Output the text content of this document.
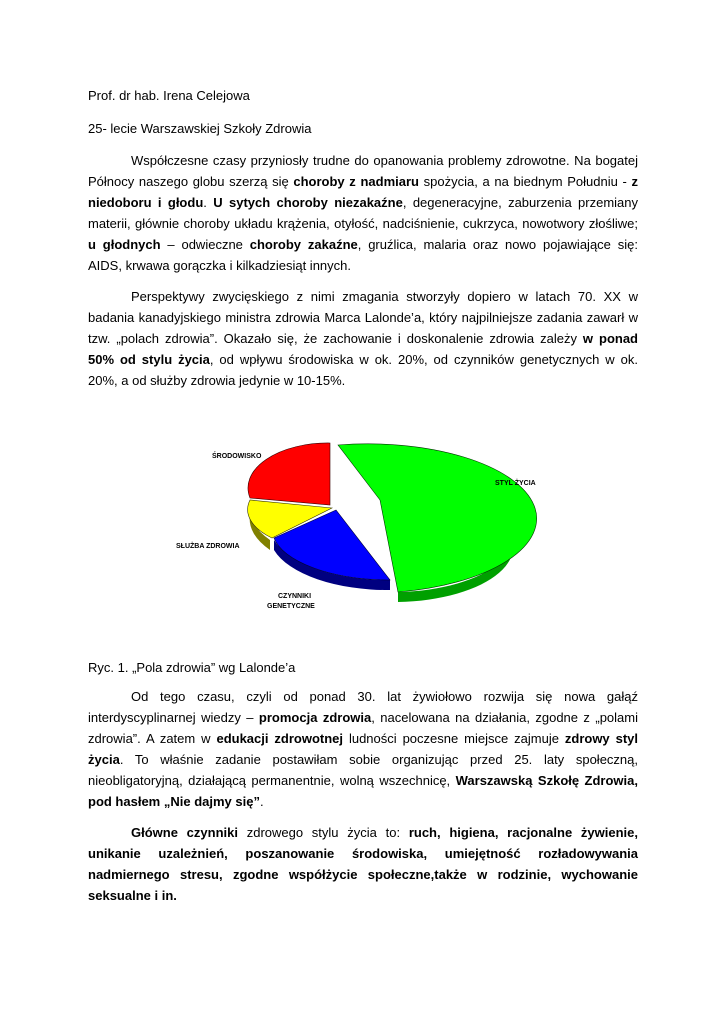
Prof. dr hab. Irena Celejowa
25- lecie Warszawskiej Szkoły Zdrowia

Współczesne czasy przyniosły trudne do opanowania problemy zdrowotne. Na bogatej Północy naszego globu szerzą się choroby z nadmiaru spożycia, a na biednym Południu - z niedoboru i głodu. U sytych choroby niezakaźne, degeneracyjne, zaburzenia przemiany materii, głównie choroby układu krążenia, otyłość, nadciśnienie, cukrzyca, nowotwory złośliwe; u głodnych – odwieczne choroby zakaźne, gruźlica, malaria oraz nowo pojawiające się: AIDS, krwawa gorączka i kilkadziesiąt innych.

Perspektywy zwycięskiego z nimi zmagania stworzyły dopiero w latach 70. XX w badania kanadyjskiego ministra zdrowia Marca Lalonde’a, który najpilniejsze zadania zawarł w tzw. „polach zdrowia”. Okazało się, że zachowanie i doskonalenie zdrowia zależy w ponad 50% od stylu życia, od wpływu środowiska w ok. 20%, od czynników genetycznych w ok. 20%, a od służby zdrowia jedynie w 10-15%.

ŚRODOWISKO
STYL ŻYCIA
SŁUŻBA ZDROWIA
CZYNNIKI
GENETYCZNE
Ryc. 1. „Pola zdrowia” wg Lalonde’a

Od tego czasu, czyli od ponad 30. lat żywiołowo rozwija się nowa gałąź interdyscyplinarnej wiedzy – promocja zdrowia, nacelowana na działania, zgodne z „polami zdrowia”. A zatem w edukacji zdrowotnej ludności poczesne miejsce zajmuje zdrowy styl życia. To właśnie zadanie postawiłam sobie organizując przed 25. laty społeczną, nieobligatoryjną, działającą permanentnie, wolną wszechnicę, Warszawską Szkołę Zdrowia, pod hasłem „Nie dajmy się”.

Główne czynniki zdrowego stylu życia to: ruch, higiena, racjonalne żywienie, unikanie uzależnień, poszanowanie środowiska, umiejętność rozładowywania nadmiernego stresu, zgodne współżycie społeczne,także w rodzinie, wychowanie seksualne i in.
